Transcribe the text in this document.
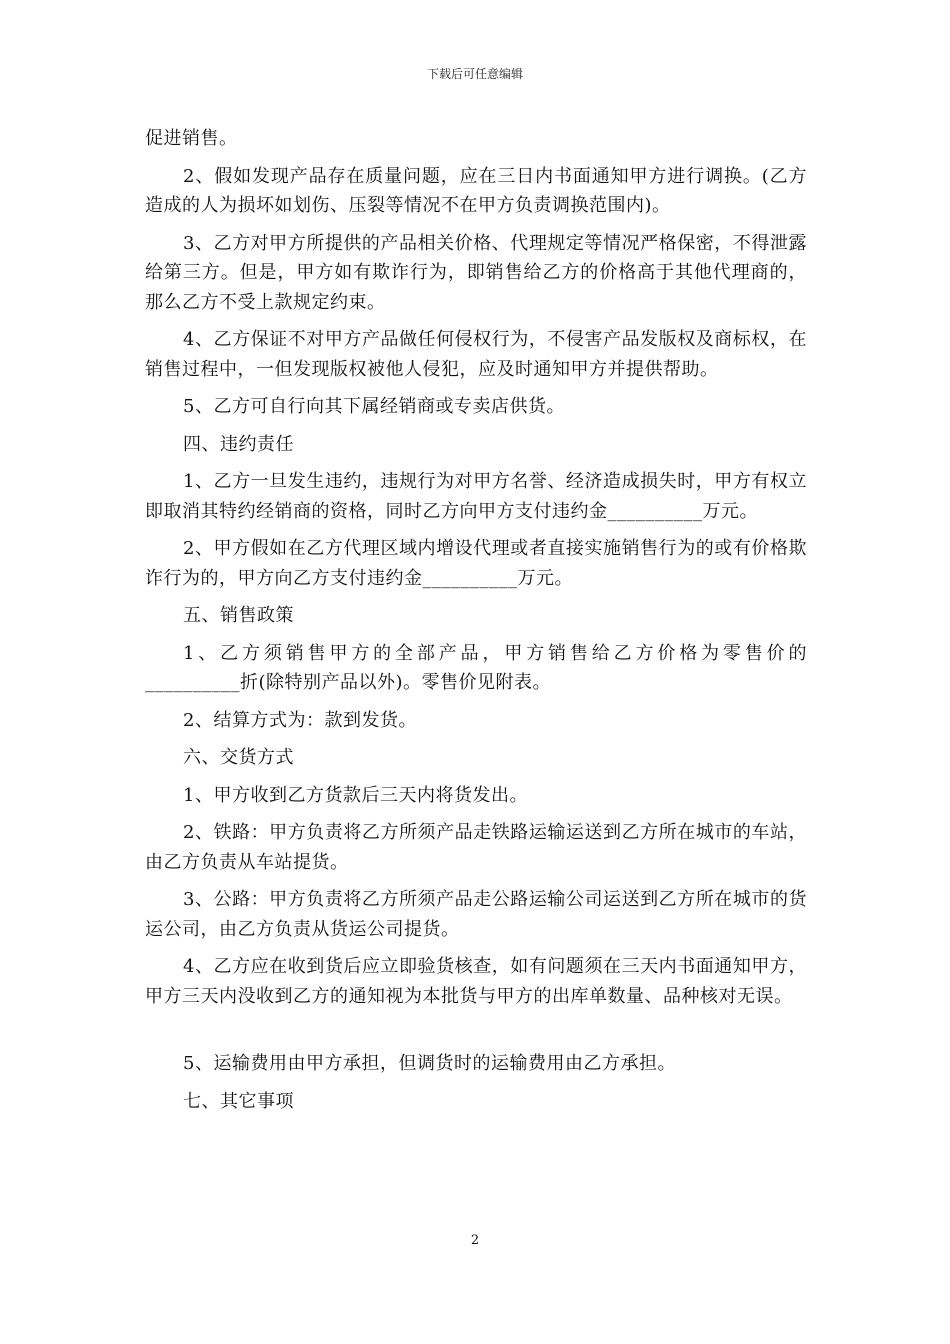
下载后可任意编辑

促进销售。

2、假如发现产品存在质量问题，应在三日内书面通知甲方进行调换。(乙方造成的人为损坏如划伤、压裂等情况不在甲方负责调换范围内)。

3、乙方对甲方所提供的产品相关价格、代理规定等情况严格保密，不得泄露给第三方。但是，甲方如有欺诈行为，即销售给乙方的价格高于其他代理商的，那么乙方不受上款规定约束。

4、乙方保证不对甲方产品做任何侵权行为，不侵害产品发版权及商标权，在销售过程中，一但发现版权被他人侵犯，应及时通知甲方并提供帮助。

5、乙方可自行向其下属经销商或专卖店供货。

四、违约责任

1、乙方一旦发生违约，违规行为对甲方名誉、经济造成损失时，甲方有权立即取消其特约经销商的资格，同时乙方向甲方支付违约金__________万元。

2、甲方假如在乙方代理区域内增设代理或者直接实施销售行为的或有价格欺诈行为的，甲方向乙方支付违约金__________万元。

五、销售政策

1、乙方须销售甲方的全部产品，甲方销售给乙方价格为零售价的__________折(除特别产品以外)。零售价见附表。

2、结算方式为：款到发货。

六、交货方式

1、甲方收到乙方货款后三天内将货发出。

2、铁路：甲方负责将乙方所须产品走铁路运输运送到乙方所在城市的车站，由乙方负责从车站提货。

3、公路：甲方负责将乙方所须产品走公路运输公司运送到乙方所在城市的货运公司，由乙方负责从货运公司提货。

4、乙方应在收到货后应立即验货核查，如有问题须在三天内书面通知甲方，甲方三天内没收到乙方的通知视为本批货与甲方的出库单数量、品种核对无误。

5、运输费用由甲方承担，但调货时的运输费用由乙方承担。

七、其它事项

2
